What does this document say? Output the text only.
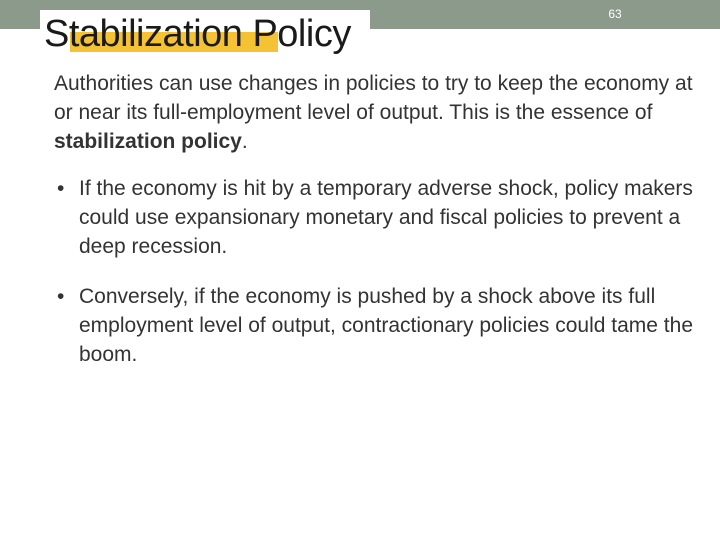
Stabilization Policy	63

Authorities can use changes in policies to try to keep the economy at or near its full-employment level of output. This is the essence of stabilization policy.

• If the economy is hit by a temporary adverse shock, policy makers could use expansionary monetary and fiscal policies to prevent a deep recession.
• Conversely, if the economy is pushed by a shock above its full employment level of output, contractionary policies could tame the boom.
